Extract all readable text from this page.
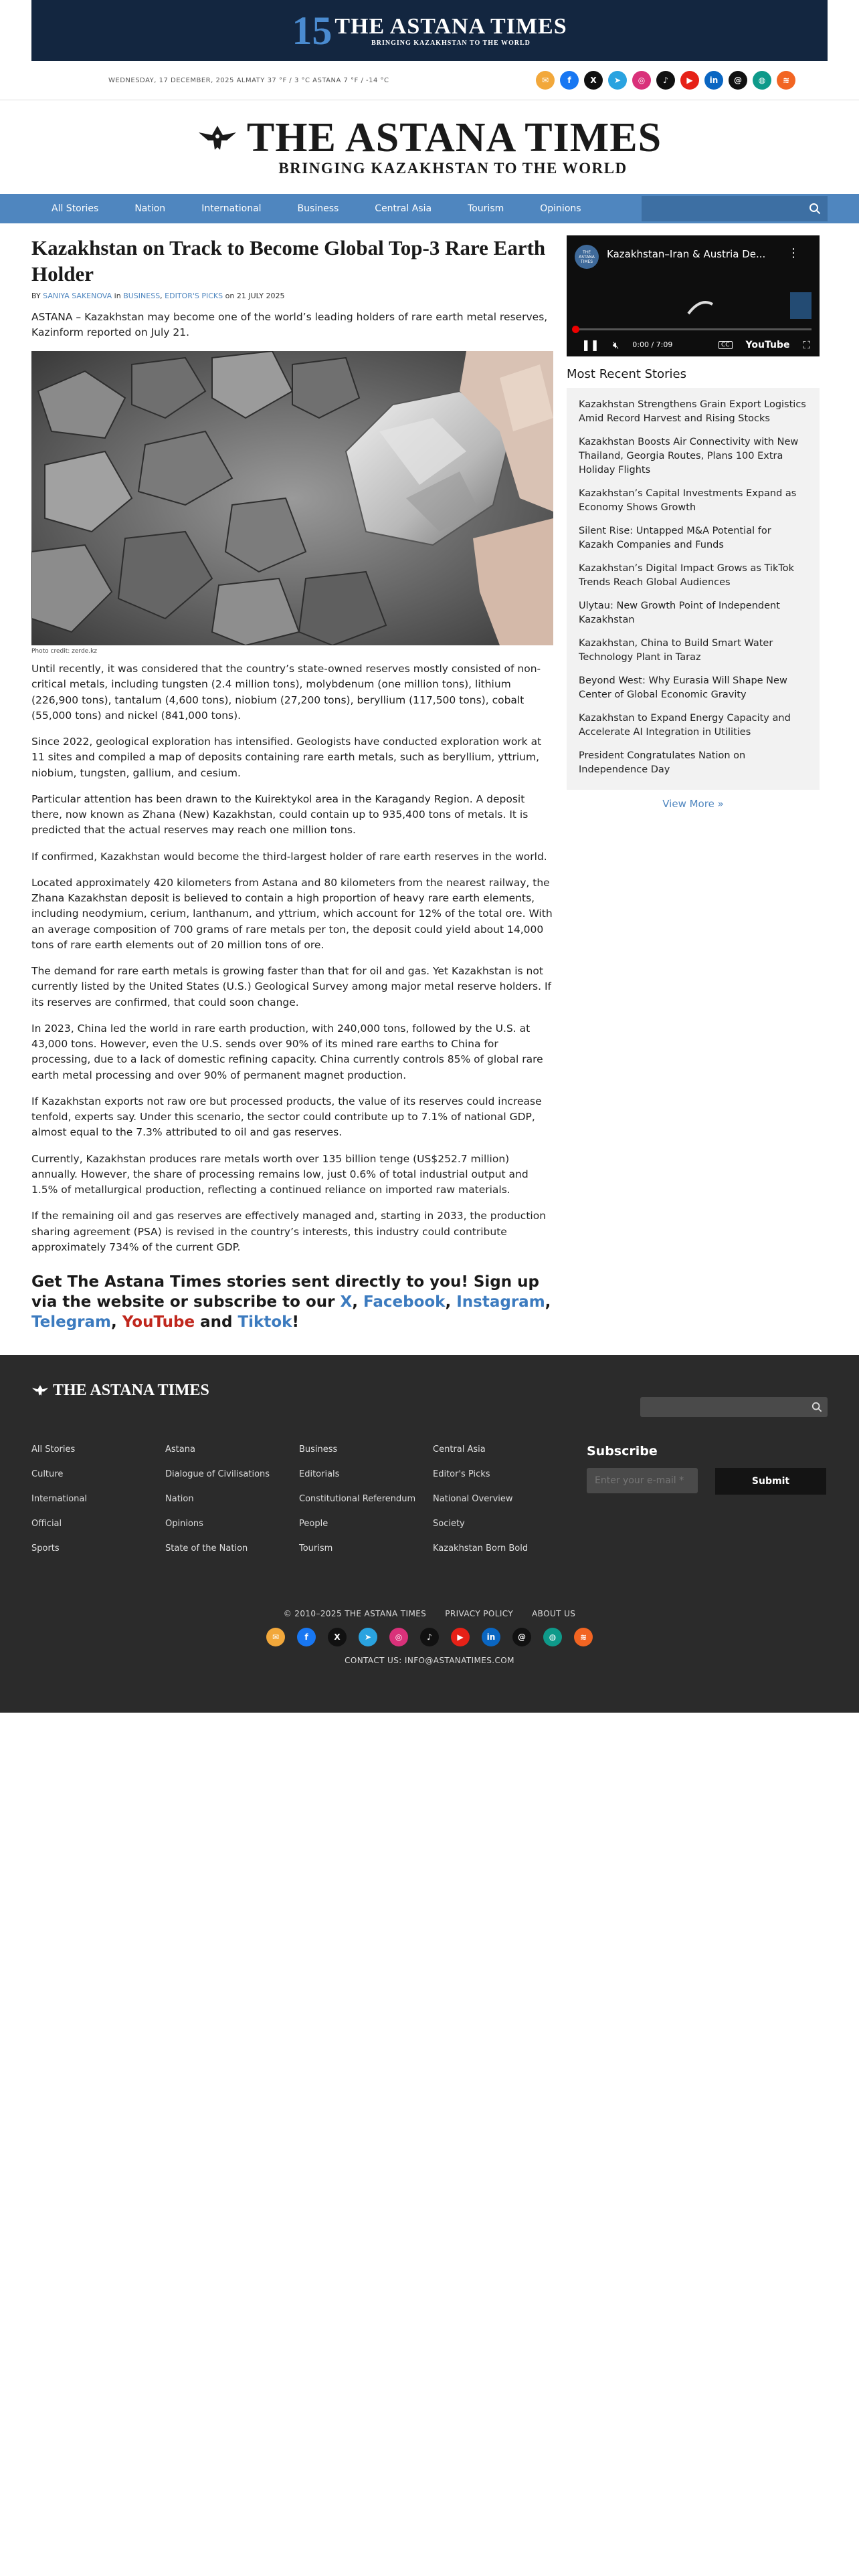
15 THE ASTANA TIMES
BRINGING KAZAKHSTAN TO THE WORLD
WEDNESDAY, 17 DECEMBER, 2025 ALMATY 37 °F / 3 °C ASTANA 7 °F / -14 °C	✉	f	X	➤	◎	♪	▶	in	@	◍	≋
THE ASTANA TIMES
BRINGING KAZAKHSTAN TO THE WORLD
All Stories	Nation	International	Business	Central Asia	Tourism	Opinions
Kazakhstan on Track to Become Global Top-3 Rare Earth Holder
BY SANIYA SAKENOVA in BUSINESS, EDITOR'S PICKS on 21 JULY 2025

ASTANA – Kazakhstan may become one of the world’s leading holders of rare earth metal reserves, Kazinform reported on July 21.

Photo credit: zerde.kz

Until recently, it was considered that the country’s state-owned reserves mostly consisted of non-critical metals, including tungsten (2.4 million tons), molybdenum (one million tons), lithium (226,900 tons), tantalum (4,600 tons), niobium (27,200 tons), beryllium (117,500 tons), cobalt (55,000 tons) and nickel (841,000 tons).

Since 2022, geological exploration has intensified. Geologists have conducted exploration work at 11 sites and compiled a map of deposits containing rare earth metals, such as beryllium, yttrium, niobium, tungsten, gallium, and cesium.

Particular attention has been drawn to the Kuirektykol area in the Karagandy Region. A deposit there, now known as Zhana (New) Kazakhstan, could contain up to 935,400 tons of metals. It is predicted that the actual reserves may reach one million tons.

If confirmed, Kazakhstan would become the third-largest holder of rare earth reserves in the world.

Located approximately 420 kilometers from Astana and 80 kilometers from the nearest railway, the Zhana Kazakhstan deposit is believed to contain a high proportion of heavy rare earth elements, including neodymium, cerium, lanthanum, and yttrium, which account for 12% of the total ore. With an average composition of 700 grams of rare metals per ton, the deposit could yield about 14,000 tons of rare earth elements out of 20 million tons of ore.

The demand for rare earth metals is growing faster than that for oil and gas. Yet Kazakhstan is not currently listed by the United States (U.S.) Geological Survey among major metal reserve holders. If its reserves are confirmed, that could soon change.

In 2023, China led the world in rare earth production, with 240,000 tons, followed by the U.S. at 43,000 tons. However, even the U.S. sends over 90% of its mined rare earths to China for processing, due to a lack of domestic refining capacity. China currently controls 85% of global rare earth metal processing and over 90% of permanent magnet production.

If Kazakhstan exports not raw ore but processed products, the value of its reserves could increase tenfold, experts say. Under this scenario, the sector could contribute up to 7.1% of national GDP, almost equal to the 7.3% attributed to oil and gas reserves.

Currently, Kazakhstan produces rare metals worth over 135 billion tenge (US$252.7 million) annually. However, the share of processing remains low, just 0.6% of total industrial output and 1.5% of metallurgical production, reflecting a continued reliance on imported raw materials.

If the remaining oil and gas reserves are effectively managed and, starting in 2033, the production sharing agreement (PSA) is revised in the country’s interests, this industry could contribute approximately 734% of the current GDP.

Get The Astana Times stories sent directly to you! Sign up via the website or subscribe to our X, Facebook, Instagram, Telegram, YouTube and Tiktok!
THE ASTANA TIMES
Kazakhstan–Iran & Austria De... ⋮
❚❚ 🔇︎ 0:00 / 7:09	CC YouTube ⛶
Most Recent Stories
Kazakhstan Strengthens Grain Export Logistics Amid Record Harvest and Rising Stocks
Kazakhstan Boosts Air Connectivity with New Thailand, Georgia Routes, Plans 100 Extra Holiday Flights
Kazakhstan’s Capital Investments Expand as Economy Shows Growth
Silent Rise: Untapped M&A Potential for Kazakh Companies and Funds
Kazakhstan’s Digital Impact Grows as TikTok Trends Reach Global Audiences
Ulytau: New Growth Point of Independent Kazakhstan
Kazakhstan, China to Build Smart Water Technology Plant in Taraz
Beyond West: Why Eurasia Will Shape New Center of Global Economic Gravity
Kazakhstan to Expand Energy Capacity and Accelerate AI Integration in Utilities
President Congratulates Nation on Independence Day
View More »
THE ASTANA TIMES
All Stories
Culture
International
Official
Sports
Astana
Dialogue of Civilisations
Nation
Opinions
State of the Nation
Business
Editorials
Constitutional Referendum
People
Tourism
Central Asia
Editor's Picks
National Overview
Society
Kazakhstan Born Bold
Subscribe
Enter your e-mail *
Submit
© 2010–2025 THE ASTANA TIMES PRIVACY POLICY ABOUT US
✉	f	X	➤	◎	♪	▶	in	@	◍	≋
CONTACT US: INFO@ASTANATIMES.COM
